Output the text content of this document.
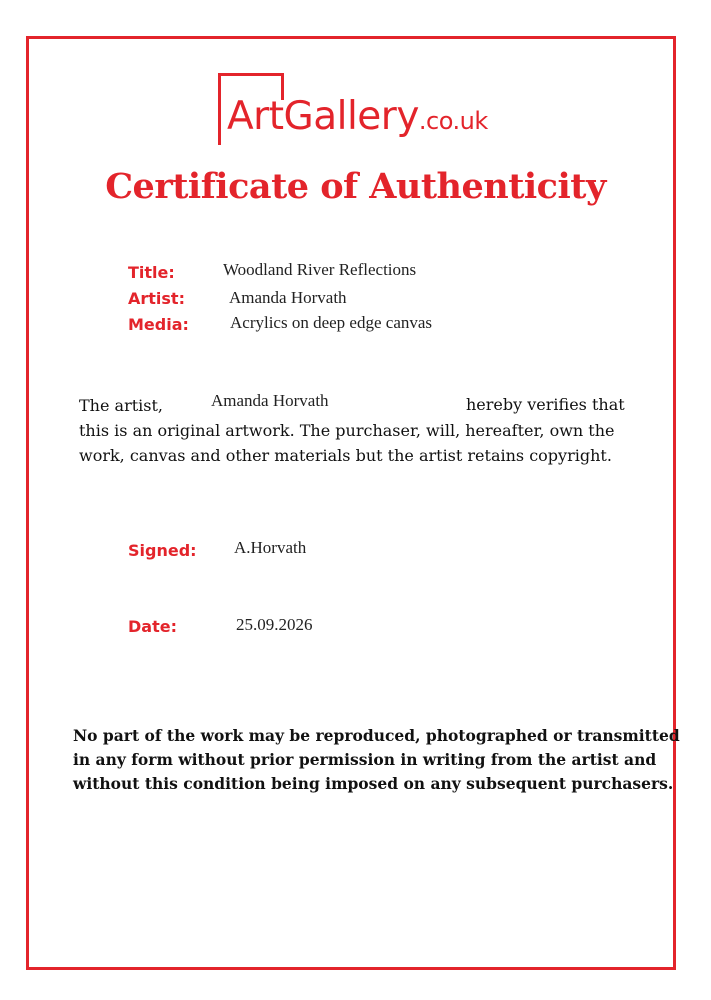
ArtGallery.co.uk
Certificate of Authenticity
Title:	Woodland River Reflections
Artist:	Amanda Horvath
Media: Acrylics on deep edge canvas
The artist,	Amanda Horvath	hereby verifies that
this is an original artwork. The purchaser, will, hereafter, own the
work, canvas and other materials but the artist retains copyright.
Signed: A.Horvath
Date:	25.09.2026
No part of the work may be reproduced, photographed or transmitted
in any form without prior permission in writing from the artist and
without this condition being imposed on any subsequent purchasers.
